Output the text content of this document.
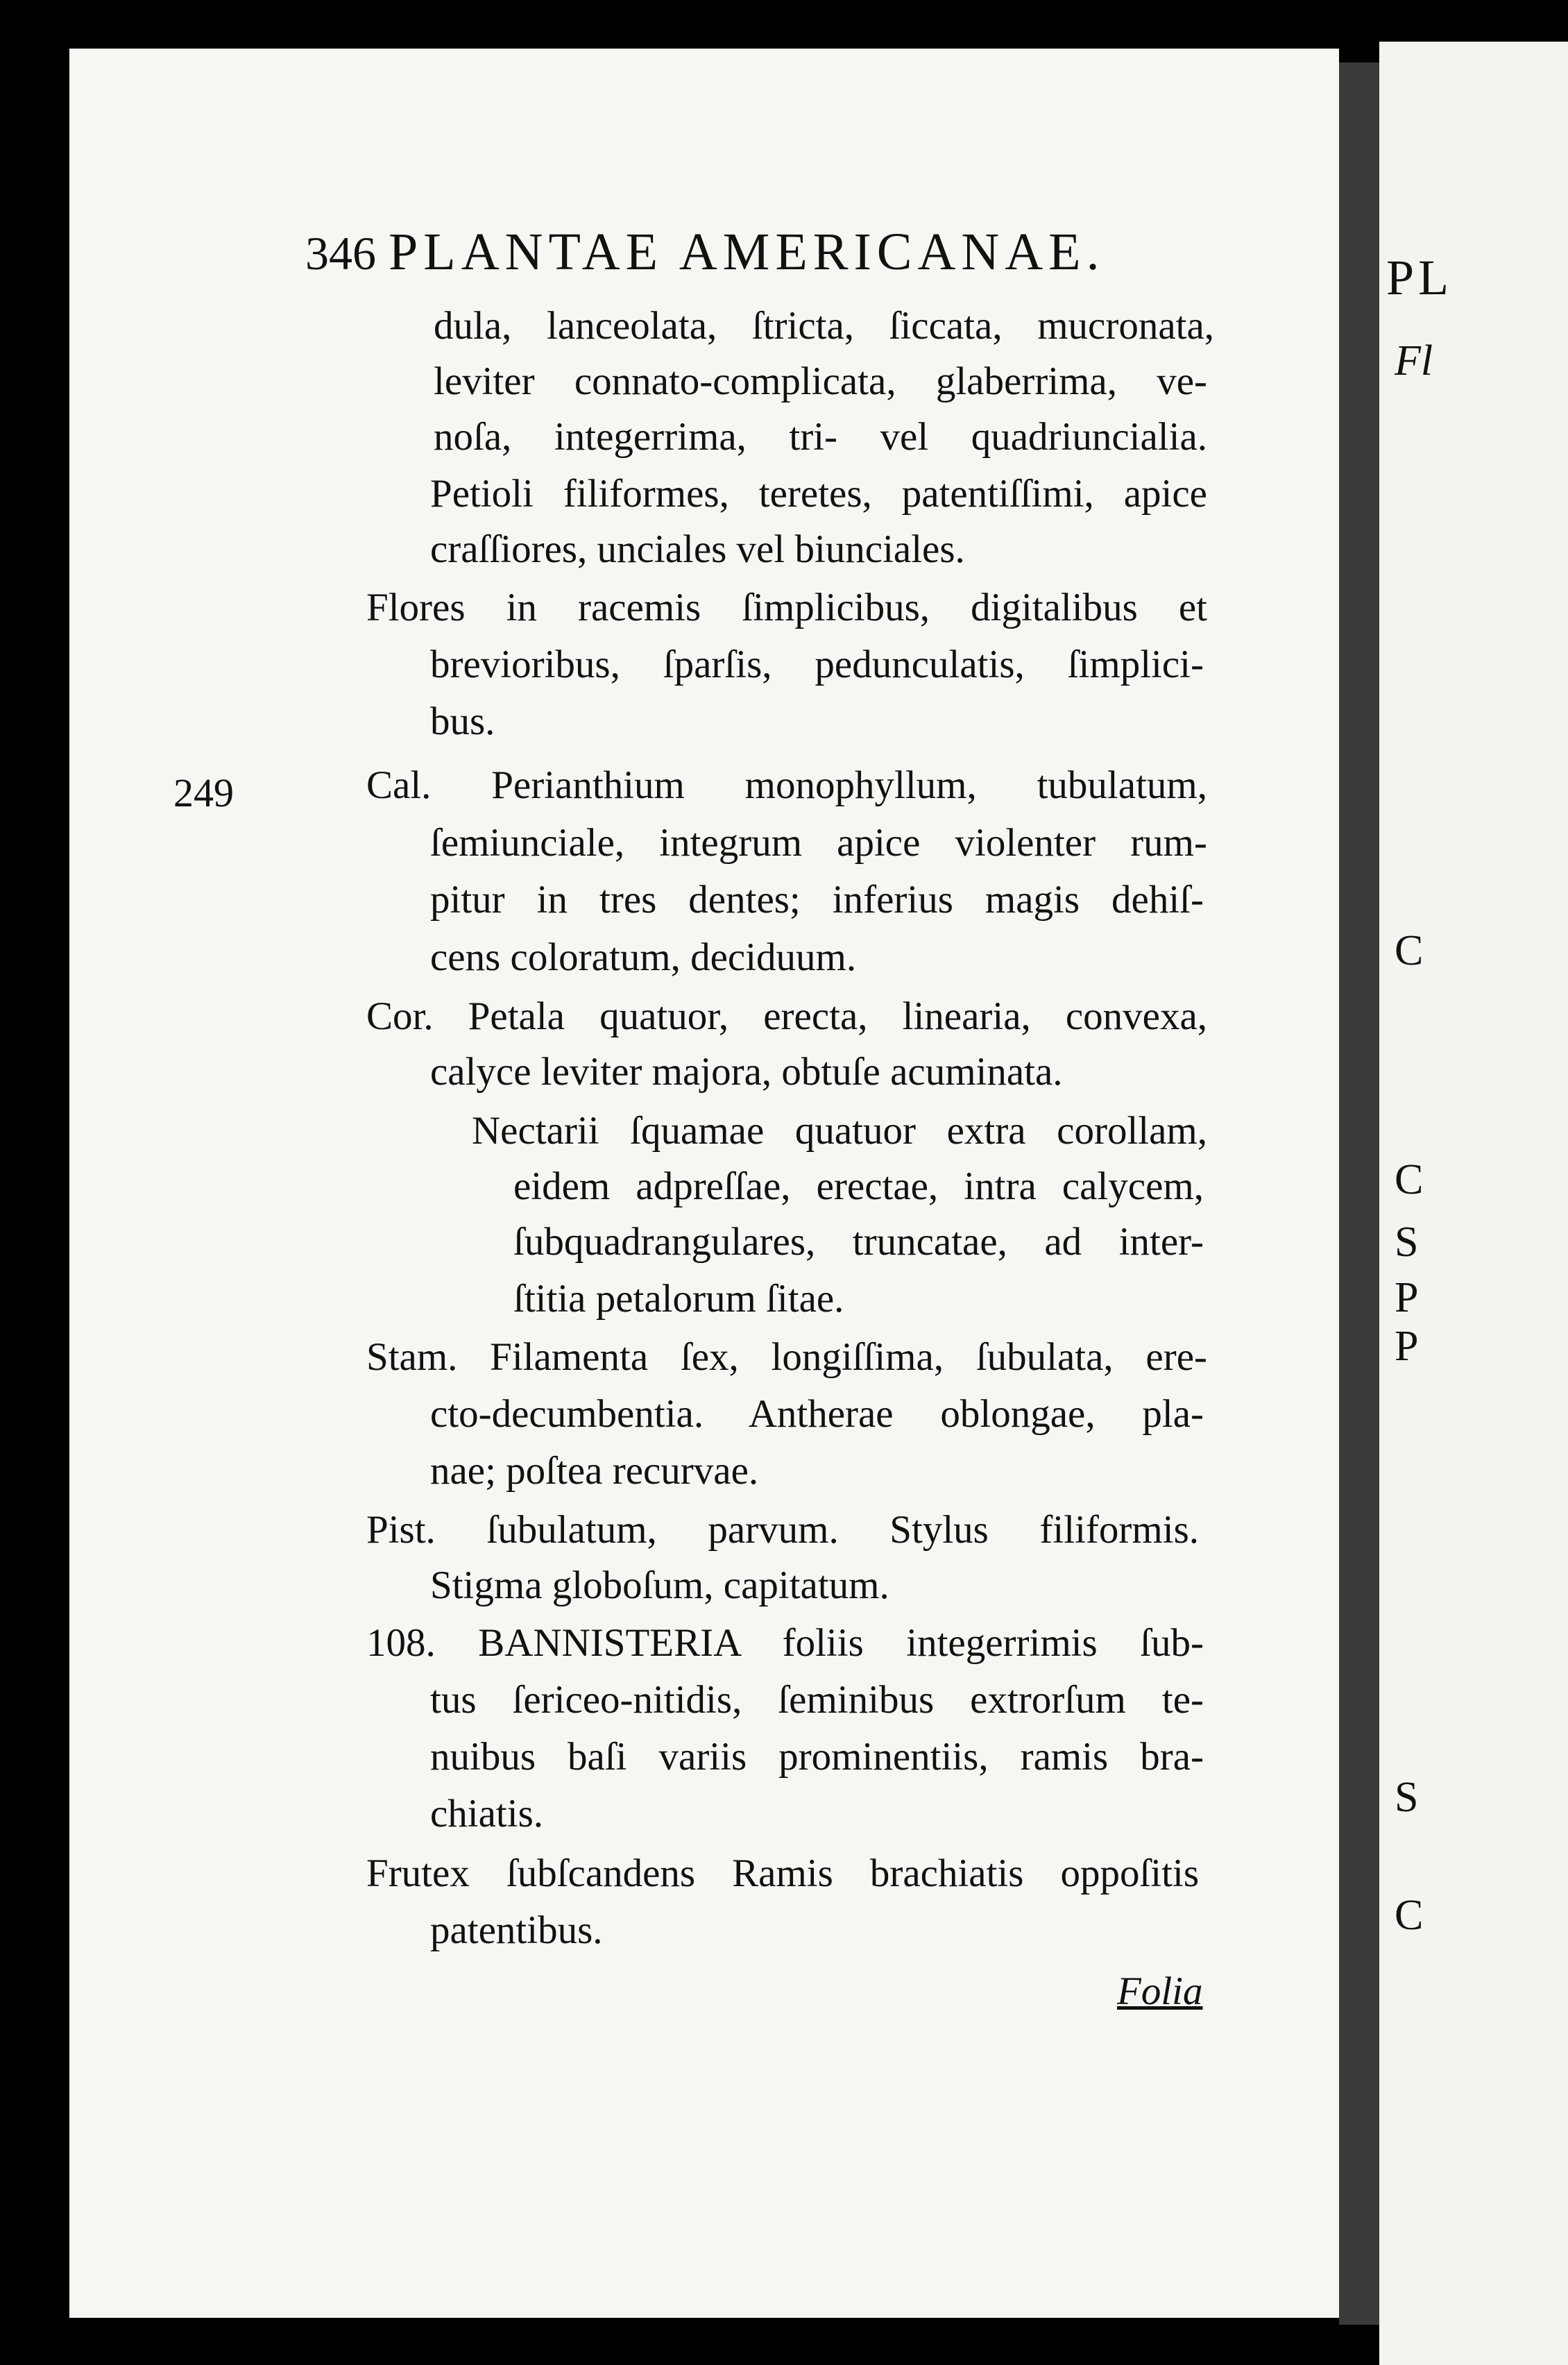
PL
Fl
C
C
S
P
P
S
C
346 PLANTAE AMERICANAE.
249
dula, lanceolata, ſtricta, ſiccata, mucronata,
leviter connato-complicata, glaberrima, ve-
noſa, integerrima, tri- vel quadriuncialia.
Petioli filiformes, teretes, patentiſſimi, apice
craſſiores, unciales vel biunciales.
Flores in racemis ſimplicibus, digitalibus et
brevioribus, ſparſis, pedunculatis, ſimplici-
bus.
Cal. Perianthium monophyllum, tubulatum,
ſemiunciale, integrum apice violenter rum-
pitur in tres dentes; inferius magis dehiſ-
cens coloratum, deciduum.
Cor. Petala quatuor, erecta, linearia, convexa,
calyce leviter majora, obtuſe acuminata.
Nectarii ſquamae quatuor extra corollam,
eidem adpreſſae, erectae, intra calycem,
ſubquadrangulares, truncatae, ad inter-
ſtitia petalorum ſitae.
Stam. Filamenta ſex, longiſſima, ſubulata, ere-
cto-decumbentia. Antherae oblongae, pla-
nae; poſtea recurvae.
Pist. ſubulatum, parvum. Stylus filiformis.
Stigma globoſum, capitatum.
108. BANNISTERIA foliis integerrimis ſub-
tus ſericeo-nitidis, ſeminibus extrorſum te-
nuibus baſi variis prominentiis, ramis bra-
chiatis.
Frutex ſubſcandens Ramis brachiatis oppoſitis
patentibus.
Folia
